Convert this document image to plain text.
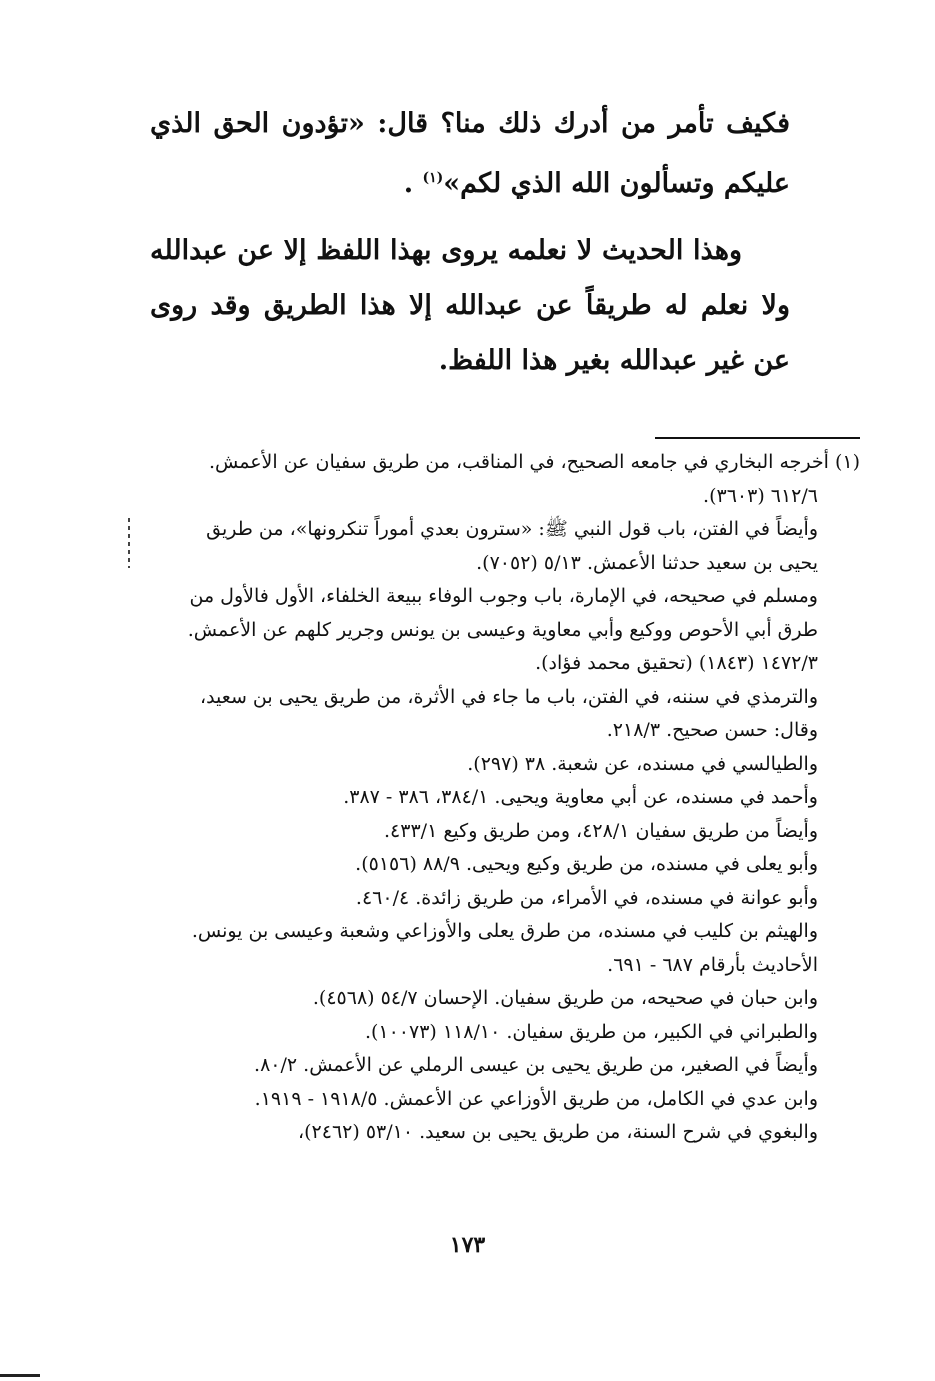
فكيف تأمر من أدرك ذلك منا؟ قال: «تؤدون الحق الذي عليكم وتسألون الله الذي لكم»$^{(١)}$ .

وهذا الحديث لا نعلمه يروى بهذا اللفظ إلا عن عبدالله ولا نعلم له طريقاً عن عبدالله إلا هذا الطريق وقد روى عن غير عبدالله بغير هذا اللفظ.

(١) أخرجه البخاري في جامعه الصحيح، في المناقب، من طريق سفيان عن الأعمش.
٦١٢/٦ (٣٦٠٣).
وأيضاً في الفتن، باب قول النبي ﷺ: «سترون بعدي أموراً تنكرونها»، من طريق
يحيى بن سعيد حدثنا الأعمش. ٥/١٣ (٧٠٥٢).
ومسلم في صحيحه، في الإمارة، باب وجوب الوفاء ببيعة الخلفاء، الأول فالأول من
طرق أبي الأحوص ووكيع وأبي معاوية وعيسى بن يونس وجرير كلهم عن الأعمش.
١٤٧٢/٣ (١٨٤٣) (تحقيق محمد فؤاد).
والترمذي في سننه، في الفتن، باب ما جاء في الأثرة، من طريق يحيى بن سعيد،
وقال: حسن صحيح. ٢١٨/٣.
والطيالسي في مسنده، عن شعبة. ٣٨ (٢٩٧).
وأحمد في مسنده، عن أبي معاوية ويحيى. ٣٨٤/١، ٣٨٦ - ٣٨٧.
وأيضاً من طريق سفيان ٤٢٨/١، ومن طريق وكيع ٤٣٣/١.
وأبو يعلى في مسنده، من طريق وكيع ويحيى. ٨٨/٩ (٥١٥٦).
وأبو عوانة في مسنده، في الأمراء، من طريق زائدة. ٤٦٠/٤.
والهيثم بن كليب في مسنده، من طرق يعلى والأوزاعي وشعبة وعيسى بن يونس.
الأحاديث بأرقام ٦٨٧ - ٦٩١.
وابن حبان في صحيحه، من طريق سفيان. الإحسان ٥٤/٧ (٤٥٦٨).
والطبراني في الكبير، من طريق سفيان. ١١٨/١٠ (١٠٠٧٣).
وأيضاً في الصغير، من طريق يحيى بن عيسى الرملي عن الأعمش. ٨٠/٢.
وابن عدي في الكامل، من طريق الأوزاعي عن الأعمش. ١٩١٨/٥ - ١٩١٩.
والبغوي في شرح السنة، من طريق يحيى بن سعيد. ٥٣/١٠ (٢٤٦٢)،
١٧٣
